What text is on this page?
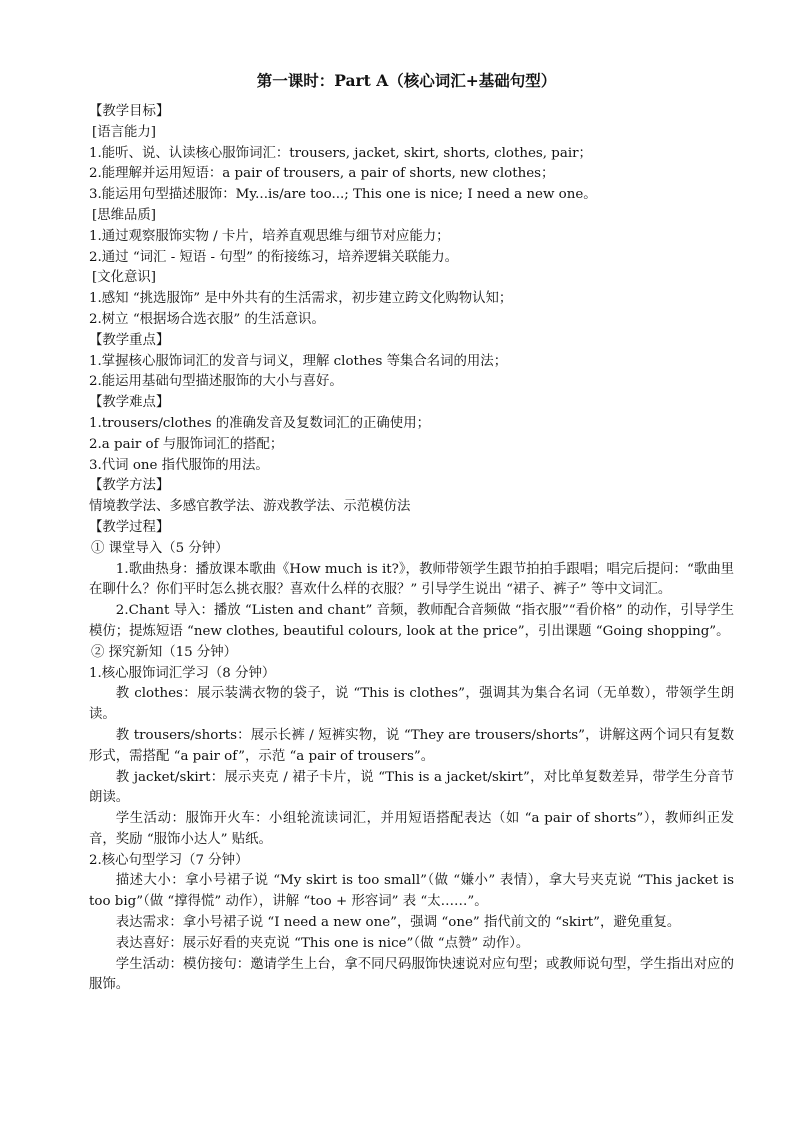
第一课时：Part A（核心词汇+基础句型）
【教学目标】
[语言能力]
1.能听、说、认读核心服饰词汇：trousers, jacket, skirt, shorts, clothes, pair；
2.能理解并运用短语：a pair of trousers, a pair of shorts, new clothes；
3.能运用句型描述服饰：My...is/are too...; This one is nice; I need a new one。
[思维品质]
1.通过观察服饰实物 / 卡片，培养直观思维与细节对应能力；
2.通过 “词汇 - 短语 - 句型” 的衔接练习，培养逻辑关联能力。
[文化意识]
1.感知 “挑选服饰” 是中外共有的生活需求，初步建立跨文化购物认知；
2.树立 “根据场合选衣服” 的生活意识。
【教学重点】
1.掌握核心服饰词汇的发音与词义，理解 clothes 等集合名词的用法；
2.能运用基础句型描述服饰的大小与喜好。
【教学难点】
1.trousers/clothes 的准确发音及复数词汇的正确使用；
2.a pair of 与服饰词汇的搭配；
3.代词 one 指代服饰的用法。
【教学方法】
情境教学法、多感官教学法、游戏教学法、示范模仿法
【教学过程】
① 课堂导入（5 分钟）
1.歌曲热身：播放课本歌曲《How much is it?》，教师带领学生跟节拍拍手跟唱；唱完后提问：“歌曲里在聊什么？你们平时怎么挑衣服？喜欢什么样的衣服？” 引导学生说出 “裙子、裤子” 等中文词汇。
2.Chant 导入：播放 “Listen and chant” 音频，教师配合音频做 “指衣服”“看价格” 的动作，引导学生模仿；提炼短语 “new clothes, beautiful colours, look at the price”，引出课题 “Going shopping”。
② 探究新知（15 分钟）
1.核心服饰词汇学习（8 分钟）
教 clothes：展示装满衣物的袋子，说 “This is clothes”，强调其为集合名词（无单数），带领学生朗读。
教 trousers/shorts：展示长裤 / 短裤实物，说 “They are trousers/shorts”，讲解这两个词只有复数形式，需搭配 “a pair of”，示范 “a pair of trousers”。
教 jacket/skirt：展示夹克 / 裙子卡片，说 “This is a jacket/skirt”，对比单复数差异，带学生分音节朗读。
学生活动：服饰开火车：小组轮流读词汇，并用短语搭配表达（如 “a pair of shorts”），教师纠正发音，奖励 “服饰小达人” 贴纸。
2.核心句型学习（7 分钟）
描述大小：拿小号裙子说 “My skirt is too small”（做 “嫌小” 表情），拿大号夹克说 “This jacket is too big”（做 “撑得慌” 动作），讲解 “too + 形容词” 表 “太……”。
表达需求：拿小号裙子说 “I need a new one”，强调 “one” 指代前文的 “skirt”，避免重复。
表达喜好：展示好看的夹克说 “This one is nice”（做 “点赞” 动作）。
学生活动：模仿接句：邀请学生上台，拿不同尺码服饰快速说对应句型；或教师说句型，学生指出对应的服饰。
